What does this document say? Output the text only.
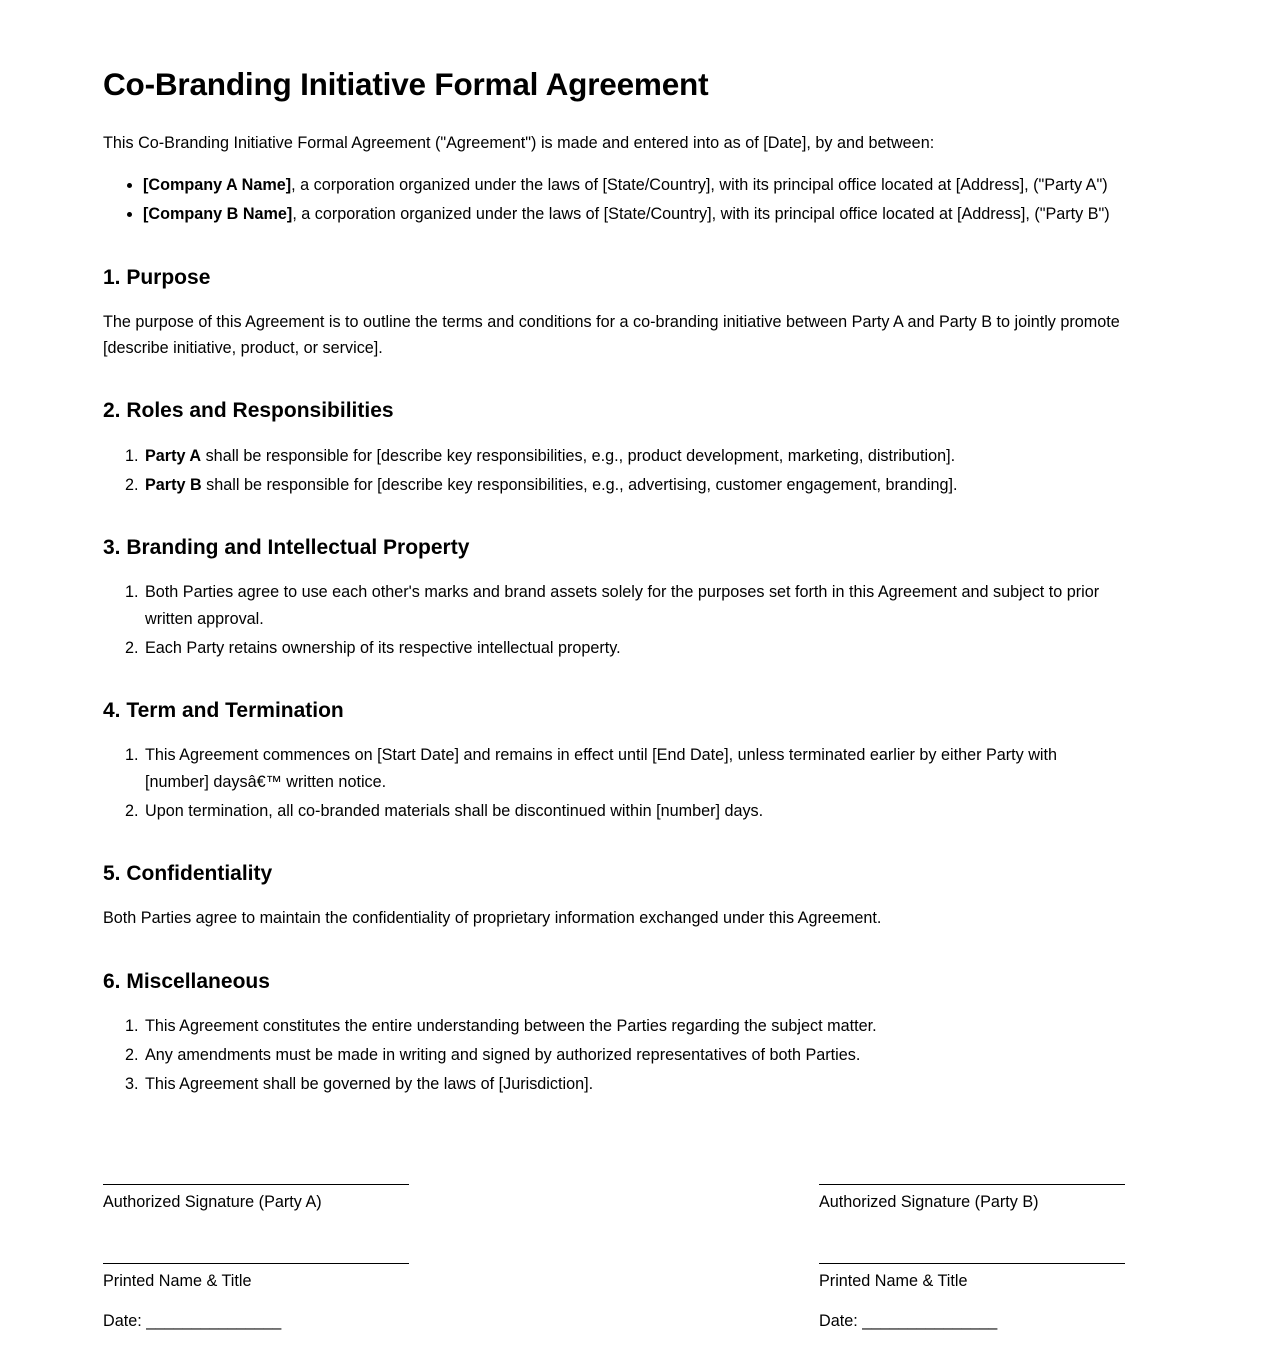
Co-Branding Initiative Formal Agreement

This Co-Branding Initiative Formal Agreement ("Agreement") is made and entered into as of [Date], by and between:

• [Company A Name], a corporation organized under the laws of [State/Country], with its principal office located at [Address], ("Party A")
• [Company B Name], a corporation organized under the laws of [State/Country], with its principal office located at [Address], ("Party B")
1. Purpose

The purpose of this Agreement is to outline the terms and conditions for a co-branding initiative between Party A and Party B to jointly promote [describe initiative, product, or service].

2. Roles and Responsibilities
1. Party A shall be responsible for [describe key responsibilities, e.g., product development, marketing, distribution].
2. Party B shall be responsible for [describe key responsibilities, e.g., advertising, customer engagement, branding].
3. Branding and Intellectual Property
1. Both Parties agree to use each other's marks and brand assets solely for the purposes set forth in this Agreement and subject to prior written approval.
2. Each Party retains ownership of its respective intellectual property.
4. Term and Termination
1. This Agreement commences on [Start Date] and remains in effect until [End Date], unless terminated earlier by either Party with [number] daysâ€™ written notice.
2. Upon termination, all co-branded materials shall be discontinued within [number] days.
5. Confidentiality

Both Parties agree to maintain the confidentiality of proprietary information exchanged under this Agreement.

6. Miscellaneous
1. This Agreement constitutes the entire understanding between the Parties regarding the subject matter.
2. Any amendments must be made in writing and signed by authorized representatives of both Parties.
3. This Agreement shall be governed by the laws of [Jurisdiction].
Authorized Signature (Party A)
Printed Name & Title
Date: _______________
Authorized Signature (Party B)
Printed Name & Title
Date: _______________
